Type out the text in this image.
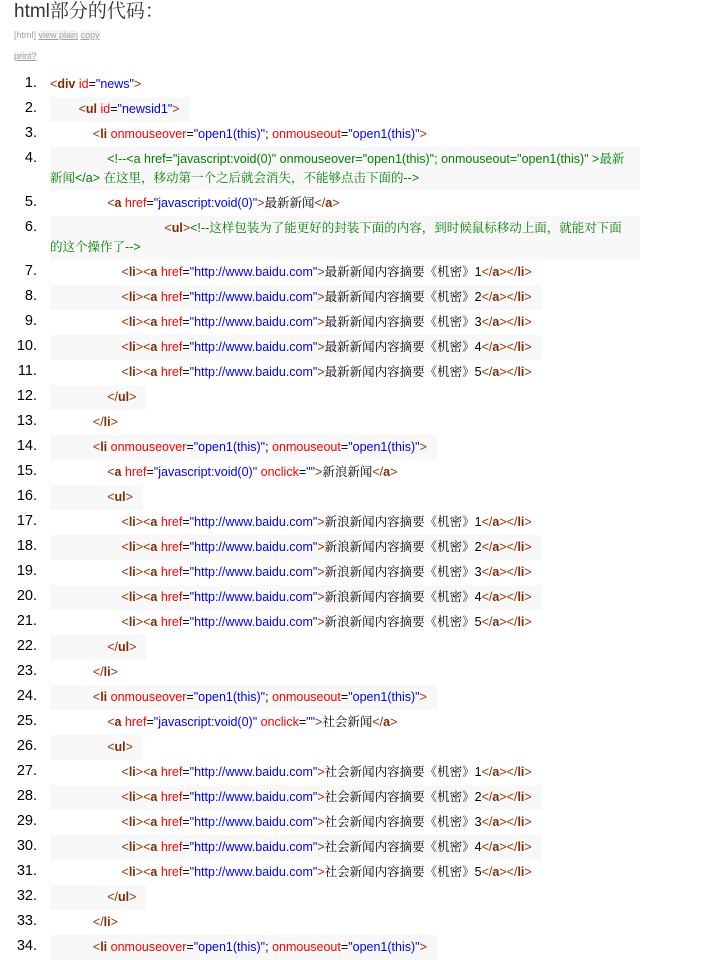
html部分的代码：
[html] view plain copy
print?
1. <div id="news">
2.	<ul id="newsid1">
3.	<li onmouseover="open1(this)"; onmouseout="open1(this)">
4.	<!--<a href="javascript:void(0)" onmouseover="open1(this)"; onmouseout="open1(this)" >最新新闻</a> 在这里，移动第一个之后就会消失，不能够点击下面的-->
5.	<a href="javascript:void(0)">最新新闻</a>
6.	<ul><!--这样包装为了能更好的封装下面的内容，到时候鼠标移动上面，就能对下面的这个操作了-->
7.	<li><a href="http://www.baidu.com">最新新闻内容摘要《机密》1</a></li>
8.	<li><a href="http://www.baidu.com">最新新闻内容摘要《机密》2</a></li>
9.	<li><a href="http://www.baidu.com">最新新闻内容摘要《机密》3</a></li>
10.	<li><a href="http://www.baidu.com">最新新闻内容摘要《机密》4</a></li>
11.	<li><a href="http://www.baidu.com">最新新闻内容摘要《机密》5</a></li>
12.	</ul>
13.	</li>
14.	<li onmouseover="open1(this)"; onmouseout="open1(this)">
15.	<a href="javascript:void(0)" onclick="">新浪新闻</a>
16.	<ul>
17.	<li><a href="http://www.baidu.com">新浪新闻内容摘要《机密》1</a></li>
18.	<li><a href="http://www.baidu.com">新浪新闻内容摘要《机密》2</a></li>
19.	<li><a href="http://www.baidu.com">新浪新闻内容摘要《机密》3</a></li>
20.	<li><a href="http://www.baidu.com">新浪新闻内容摘要《机密》4</a></li>
21.	<li><a href="http://www.baidu.com">新浪新闻内容摘要《机密》5</a></li>
22.	</ul>
23.	</li>
24.	<li onmouseover="open1(this)"; onmouseout="open1(this)">
25.	<a href="javascript:void(0)" onclick="">社会新闻</a>
26.	<ul>
27.	<li><a href="http://www.baidu.com">社会新闻内容摘要《机密》1</a></li>
28.	<li><a href="http://www.baidu.com">社会新闻内容摘要《机密》2</a></li>
29.	<li><a href="http://www.baidu.com">社会新闻内容摘要《机密》3</a></li>
30.	<li><a href="http://www.baidu.com">社会新闻内容摘要《机密》4</a></li>
31.	<li><a href="http://www.baidu.com">社会新闻内容摘要《机密》5</a></li>
32.	</ul>
33.	</li>
34.	<li onmouseover="open1(this)"; onmouseout="open1(this)">
